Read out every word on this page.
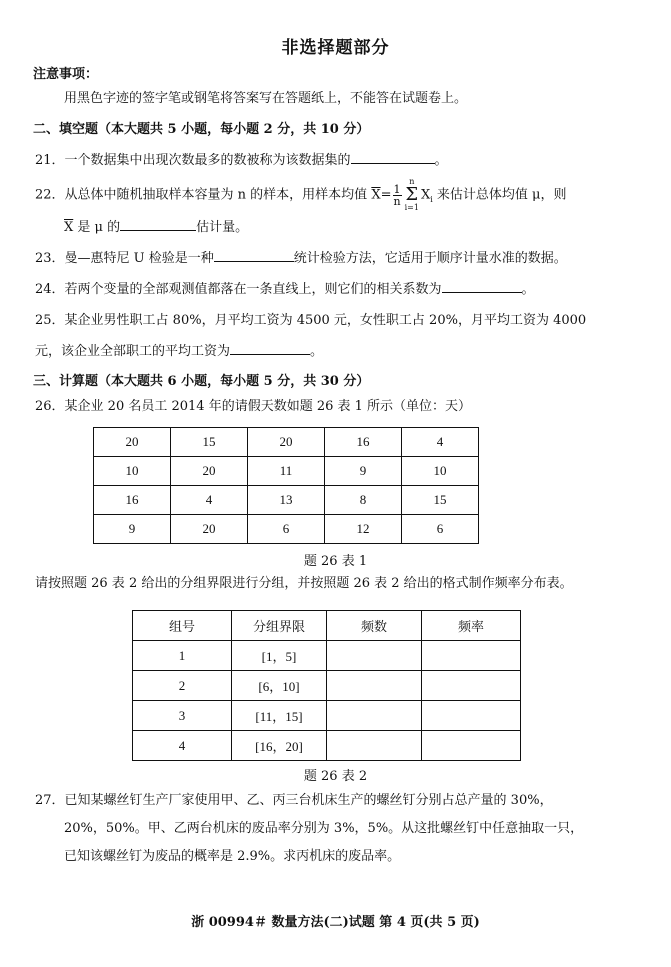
非选择题部分
注意事项：
用黑色字迹的签字笔或钢笔将答案写在答题纸上，不能答在试题卷上。
二、填空题（本大题共 5 小题，每小题 2 分，共 10 分）
21．一个数据集中出现次数最多的数被称为该数据集的	。
22．从总体中随机抽取样本容量为 n 的样本，用样本均值 $\overline{X}= \frac{1}{n}$
n
Σ
$i=1X_i$ 来估计总体均值 μ，则
$\overline{X}$ 是 μ 的	估计量。
23．曼—惠特尼 U 检验是一种	统计检验方法，它适用于顺序计量水准的数据。
24．若两个变量的全部观测值都落在一条直线上，则它们的相关系数为	。
25．某企业男性职工占 80%，月平均工资为 4500 元，女性职工占 20%，月平均工资为 4000
元，该企业全部职工的平均工资为	。
三、计算题（本大题共 6 小题，每小题 5 分，共 30 分）
26．某企业 20 名员工 2014 年的请假天数如题 26 表 1 所示（单位：天）
20	15	20	16	4
10	20	11	9	10
16	4	13	8	15
9	20	6	12	6
题 26 表 1
请按照题 26 表 2 给出的分组界限进行分组，并按照题 26 表 2 给出的格式制作频率分布表。
组号	分组界限	频数	频率
1	[1，5]		
2	[6，10]		
3	[11，15]		
4	[16，20]		
题 26 表 2
27．已知某螺丝钉生产厂家使用甲、乙、丙三台机床生产的螺丝钉分别占总产量的 30%，
20%，50%。甲、乙两台机床的废品率分别为 3%，5%。从这批螺丝钉中任意抽取一只，
已知该螺丝钉为废品的概率是 2.9%。求丙机床的废品率。
浙 00994＃ 数量方法(二)试题 第 4 页(共 5 页)
